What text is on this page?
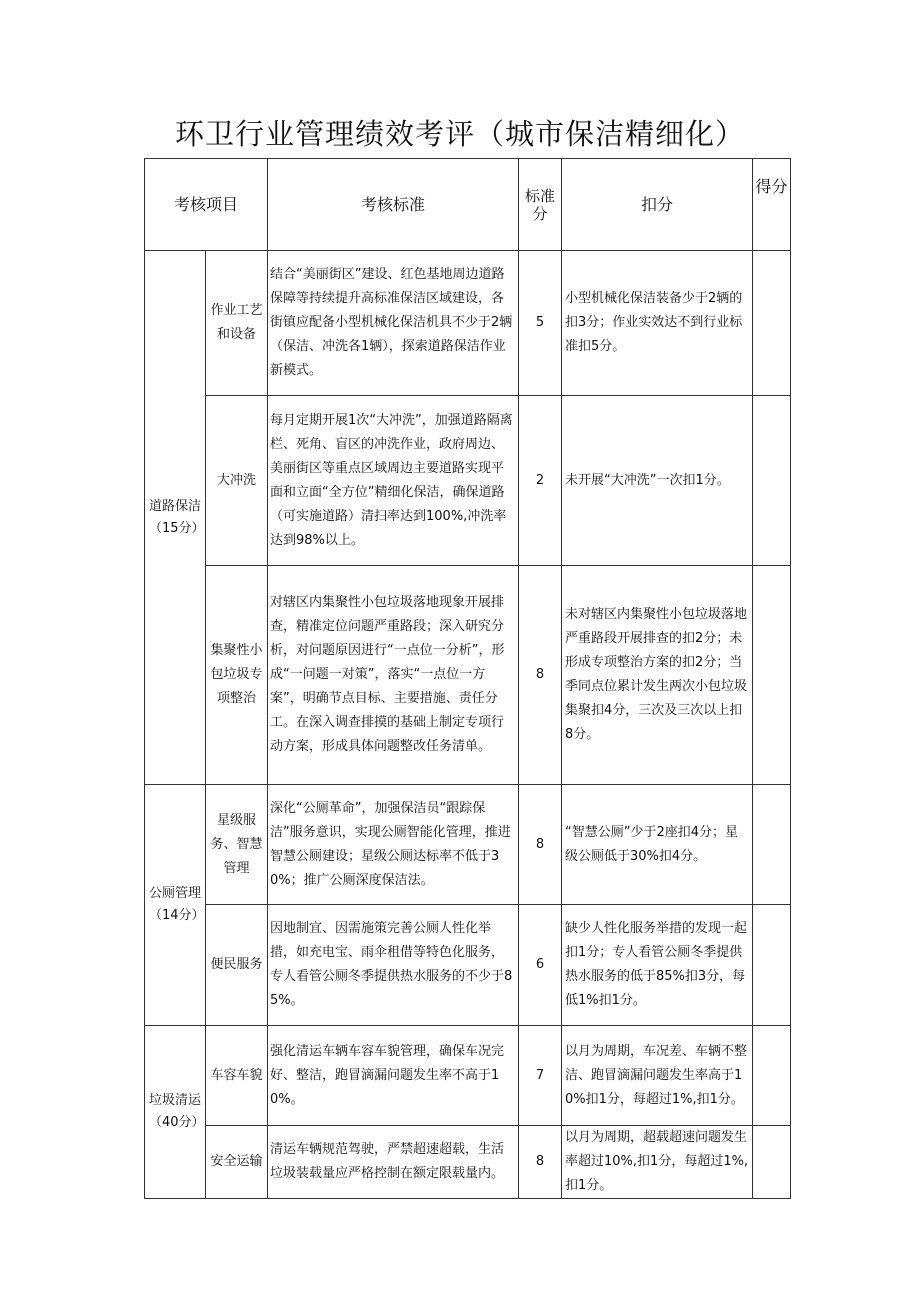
环卫行业管理绩效考评（城市保洁精细化）
考核项目		考核标准	标准分	扣分	得分
道路保洁（15分）	作业工艺和设备	结合“美丽街区”建设、红色基地周边道路保障等持续提升高标准保洁区域建设，各街镇应配备小型机械化保洁机具不少于2辆（保洁、冲洗各1辆），探索道路保洁作业新模式。	5	小型机械化保洁装备少于2辆的扣3分；作业实效达不到行业标准扣5分。	
	大冲洗	每月定期开展1次“大冲洗”，加强道路隔离栏、死角、盲区的冲洗作业，政府周边、美丽街区等重点区域周边主要道路实现平面和立面“全方位”精细化保洁，确保道路（可实施道路）清扫率达到100%,冲洗率达到98%以上。	2	未开展“大冲洗”一次扣1分。	
	集聚性小包垃圾专项整治	对辖区内集聚性小包垃圾落地现象开展排查，精准定位问题严重路段；深入研究分析，对问题原因进行“一点位一分析”，形成“一问题一对策”，落实“一点位一方案”，明确节点目标、主要措施、责任分工。在深入调查排摸的基础上制定专项行动方案，形成具体问题整改任务清单。	8	未对辖区内集聚性小包垃圾落地严重路段开展排查的扣2分；未形成专项整治方案的扣2分；当季同点位累计发生两次小包垃圾集聚扣4分，三次及三次以上扣8分。	
公厕管理（14分）	星级服务、智慧管理	深化“公厕革命”，加强保洁员“跟踪保洁”服务意识，实现公厕智能化管理，推进智慧公厕建设；星级公厕达标率不低于30%；推广公厕深度保洁法。	8	“智慧公厕”少于2座扣4分；星级公厕低于30%扣4分。	
	便民服务	因地制宜、因需施策完善公厕人性化举措，如充电宝、雨伞租借等特色化服务，专人看管公厕冬季提供热水服务的不少于85%。	6	缺少人性化服务举措的发现一起扣1分；专人看管公厕冬季提供热水服务的低于85%扣3分，每低1%扣1分。	
垃圾清运（40分）	车容车貌	强化清运车辆车容车貌管理，确保车况完好、整洁，跑冒滴漏问题发生率不高于10%。	7	以月为周期，车况差、车辆不整洁、跑冒滴漏问题发生率高于10%扣1分，每超过1%,扣1分。	
	安全运输	清运车辆规范驾驶，严禁超速超载，生活垃圾装载量应严格控制在额定限载量内。	8	以月为周期，超载超速问题发生率超过10%,扣1分，每超过1%,扣1分。	
